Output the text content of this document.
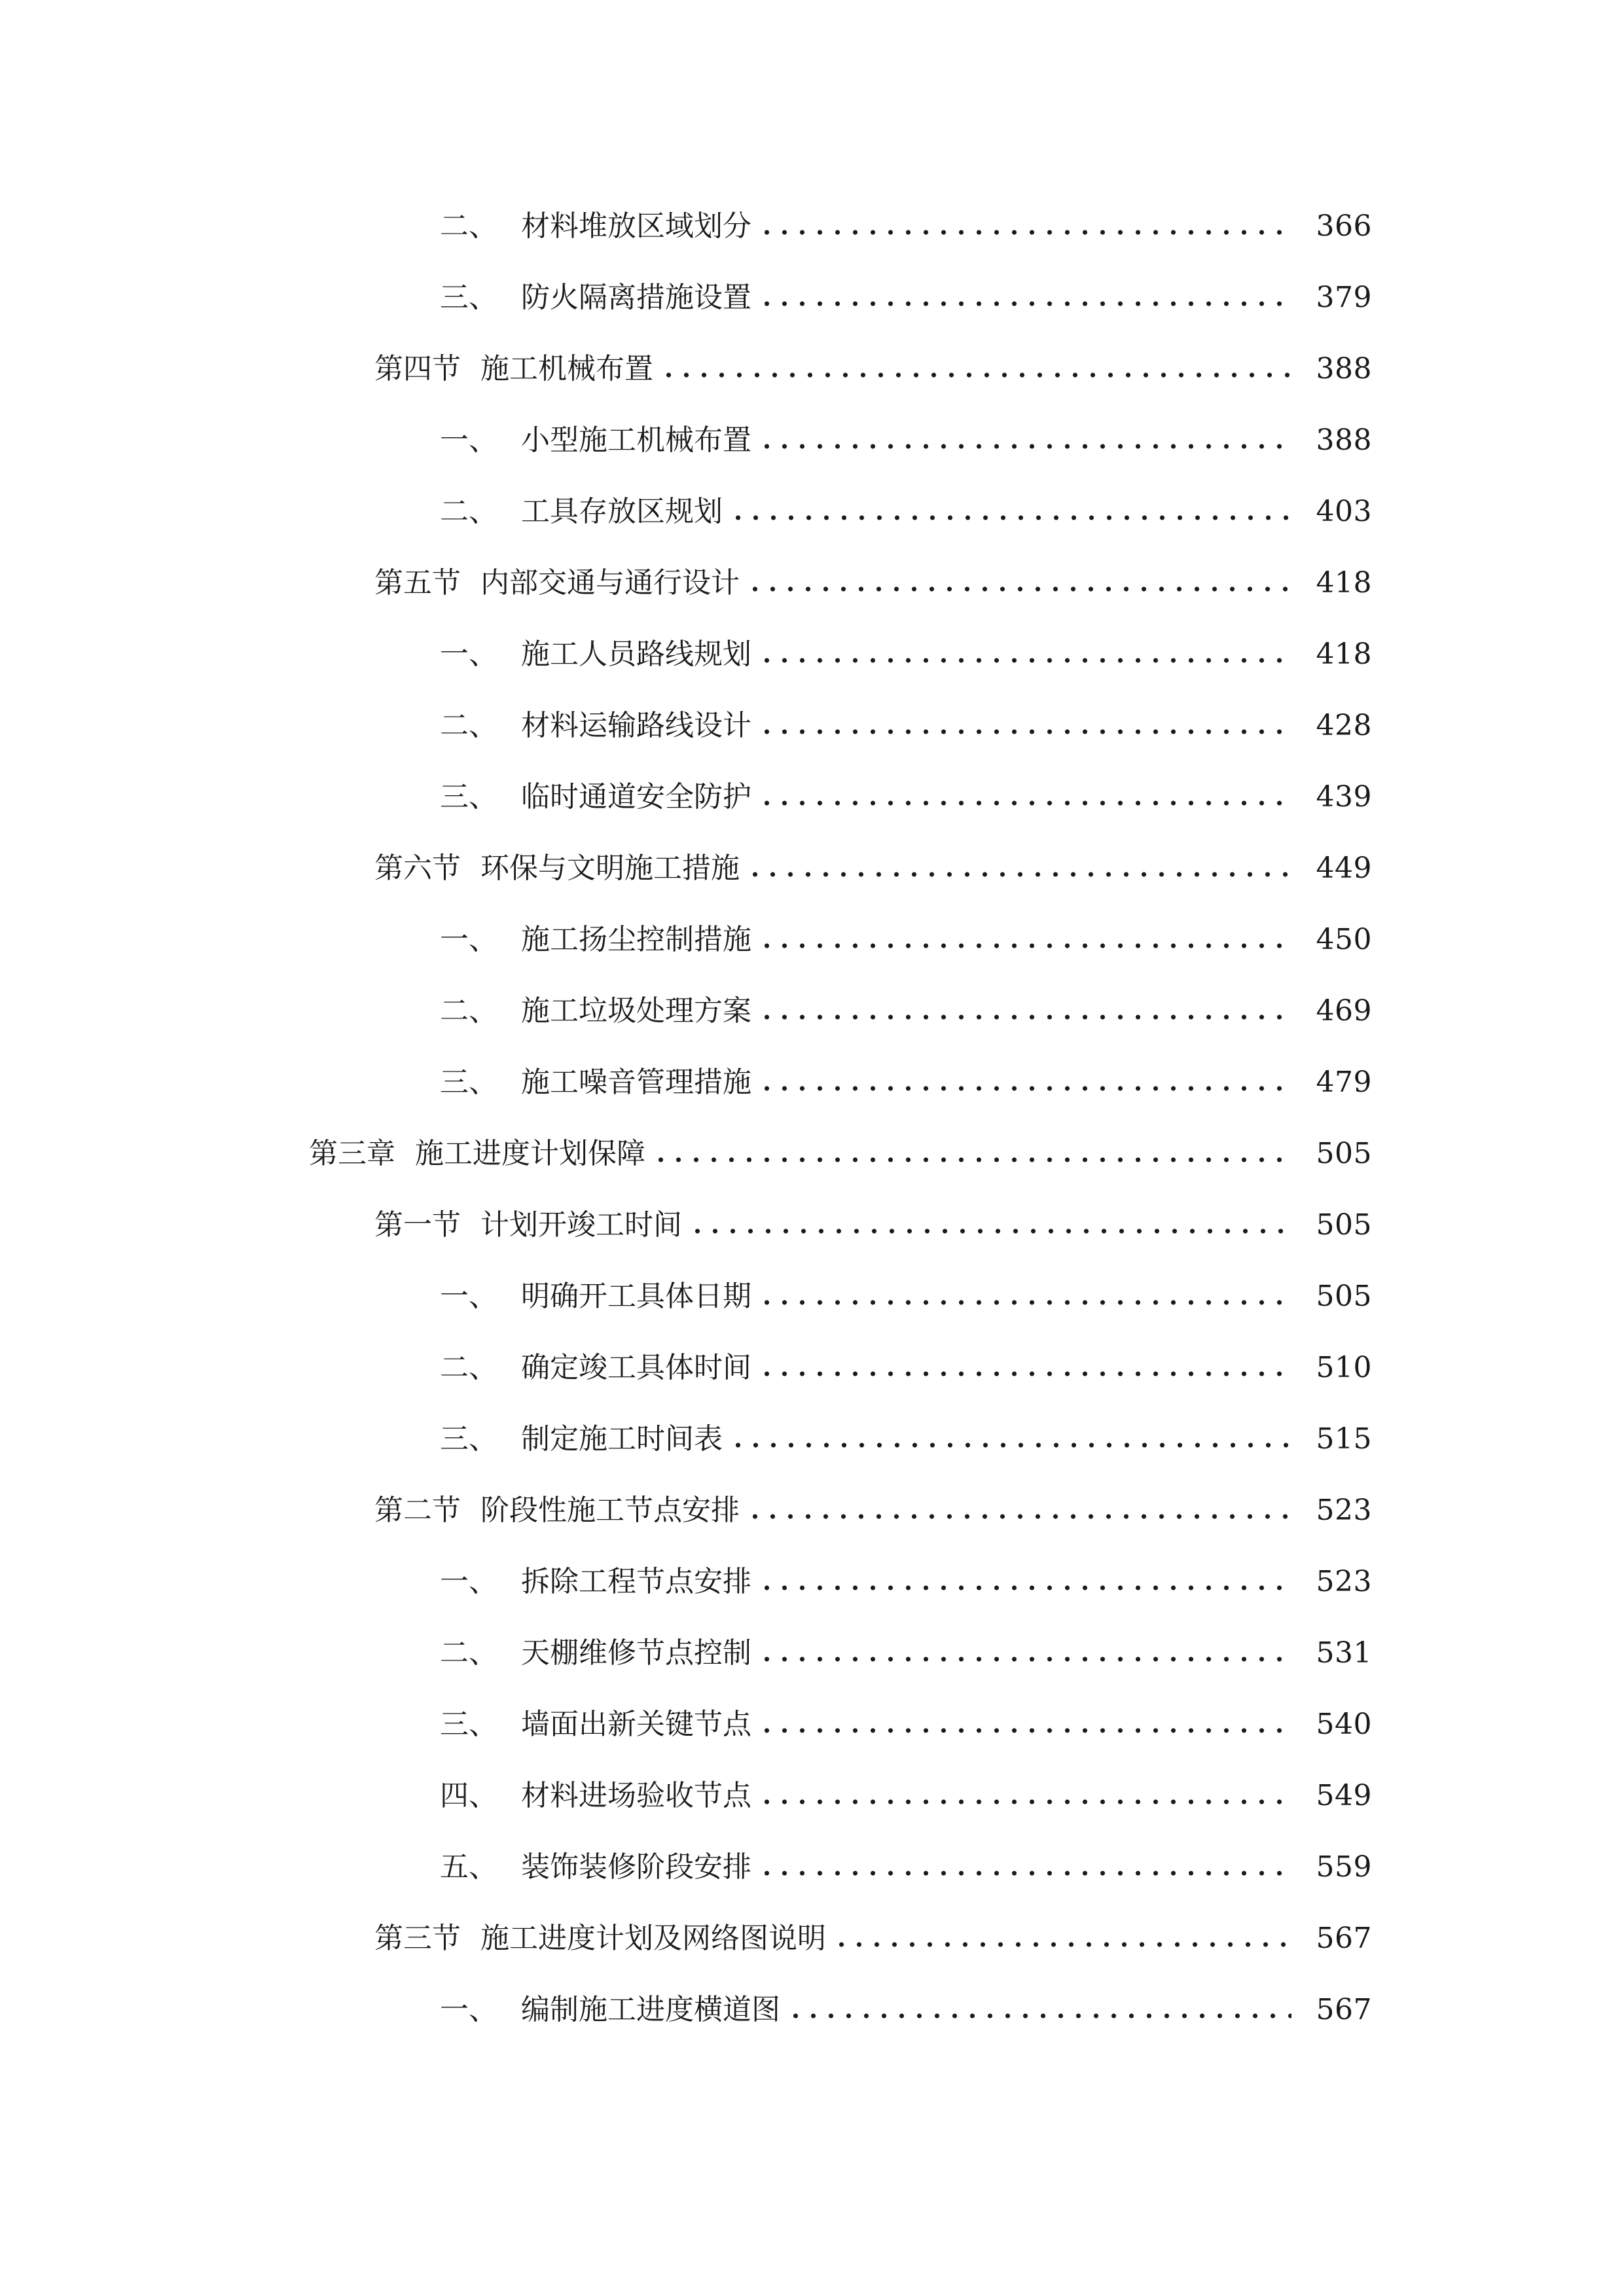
二、 材料堆放区域划分	366
三、 防火隔离措施设置	379
第四节 施工机械布置	388
一、 小型施工机械布置	388
二、 工具存放区规划	403
第五节 内部交通与通行设计	418
一、 施工人员路线规划	418
二、 材料运输路线设计	428
三、 临时通道安全防护	439
第六节 环保与文明施工措施	449
一、 施工扬尘控制措施	450
二、 施工垃圾处理方案	469
三、 施工噪音管理措施	479
第三章 施工进度计划保障	505
第一节 计划开竣工时间	505
一、 明确开工具体日期	505
二、 确定竣工具体时间	510
三、 制定施工时间表	515
第二节 阶段性施工节点安排	523
一、 拆除工程节点安排	523
二、 天棚维修节点控制	531
三、 墙面出新关键节点	540
四、 材料进场验收节点	549
五、 装饰装修阶段安排	559
第三节 施工进度计划及网络图说明	567
一、 编制施工进度横道图	567
